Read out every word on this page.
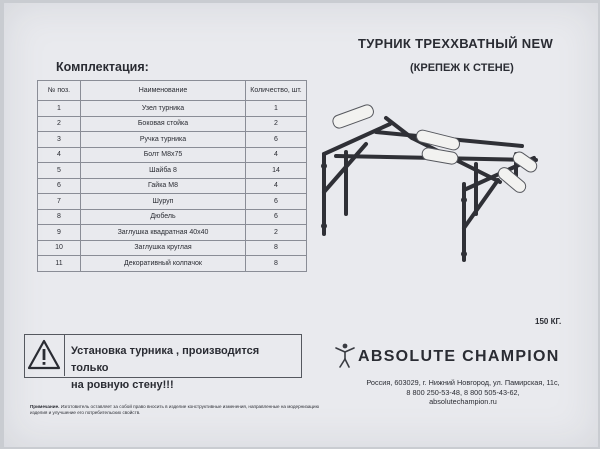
ТУРНИК ТРЕХХВАТНЫЙ NEW
(КРЕПЕЖ К СТЕНЕ)
Комплектация:
№ поз.	Наименование	Количество, шт.
1	Узел турника	1
2	Боковая стойка	2
3	Ручка турника	6
4	Болт М8х75	4
5	Шайба 8	14
6	Гайка М8	4
7	Шуруп	6
8	Дюбель	6
9	Заглушка квадратная 40х40	2
10	Заглушка круглая	8
11	Декоративный колпачок	8
150 КГ.
Установка турника , производится только
на ровную стену!!!
ABSOLUTE CHAMPION
Россия, 603029, г. Нижний Новгород, ул. Памирская, 11с,
8 800 250-53-48, 8 800 505-43-62,
absolutechampion.ru
Примечание. Изготовитель оставляет за собой право вносить в изделие конструктивные изменения, направленные на модернизацию изделия и улучшение его потребительских свойств.
